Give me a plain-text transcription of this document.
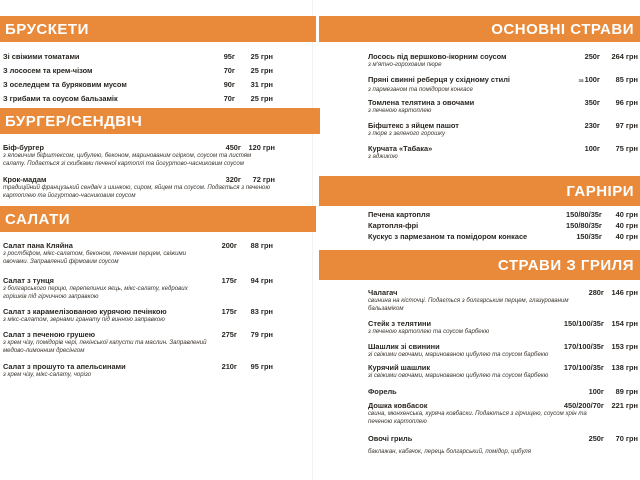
БРУСКЕТИ
Зі свіжими томатами	95г	25 грн
З лососем та крем-чізом	70г	25 грн
З оселедцем та буряковим мусом	90г	31 грн
З грибами та соусом бальзамік	70г	25 грн
БУРГЕР/СЕНДВІЧ
Біф-бургер	450г	120 грн
з яловичим біфштексом, цибулею, беконом, маринованим огірком, соусом та листям салату. Подається зі скибками печеної картоплі та йогуртово-часниковим соусом
Крок-мадам	320г	72 грн
традиційний французький сендвіч з шинкою, сиром, яйцем та соусом. Подається з печеною картоплею та йогуртово-часниковим соусом
САЛАТИ
Салат пана Кляйна	200г	88 грн
з ростбіфом, мікс-салатом, беконом, печеним перцем, свіжими овочами. Заправлений фірмовим соусом
Салат з тунця	175г	94 грн
з болгарського перцю, перепелиних яєць, мікс-салату, кедрових горішків під гірчичною заправкою
Салат з карамелізованою курячою печінкою	175г	83 грн
з мікс-салатом, зернами гранату під винною заправкою
Салат з печеною грушею	275г	79 грн
з крем чізу, помідорів чері, пекінської капусти та маслин. Заправлений медово-лимонним дресінгом
Салат з прошуто та апельсинами	210г	95 грн
з крем чізу, мікс-салату, чорізо
ОСНОВНІ СТРАВИ
Лосось під вершково-ікорним соусом	250г	264 грн
з м'ятно-гороховим пюре
Пряні свинні реберця у східному стилі	за100г	85 грн
з пармезаном та помідором конкасе
Томлена телятина з овочами	350г	96 грн
з печеною картоплею
Біфштекс з яйцем пашот	230г	97 грн
з пюре з зеленого горошку
Курчата «Табака»	100г	75 грн
з аджикою
ГАРНІРИ
Печена картопля	150/80/35г	40 грн
Картопля-фрі	150/80/35г	40 грн
Кускус з пармезаном та помідором конкасе	150/35г	40 грн
СТРАВИ З ГРИЛЯ
Чалагач	280г	146 грн
свинина на кісточці. Подається з болгарським перцем, глазурованим бальзаміком
Стейк з телятини	150/100/35г	154 грн
з печеною картоплею та соусом барбекю
Шашлик зі свинини	170/100/35г	153 грн
зі свіжими овочами, маринованою цибулею та соусом барбекю
Курячий шашлик	170/100/35г	138 грн
зі свіжими овочами, маринованою цибулею та соусом барбекю
Форель	100г	89 грн
Дошка ковбасок	450/200/70г	221 грн
свина, мюнхенська, куряча ковбаски. Подаються з гірчицею, соусом хрін та печеною картоплею
Овочі гриль	250г	70 грн
баклажан, кабачок, перець болгарський, помідор, цибуля
